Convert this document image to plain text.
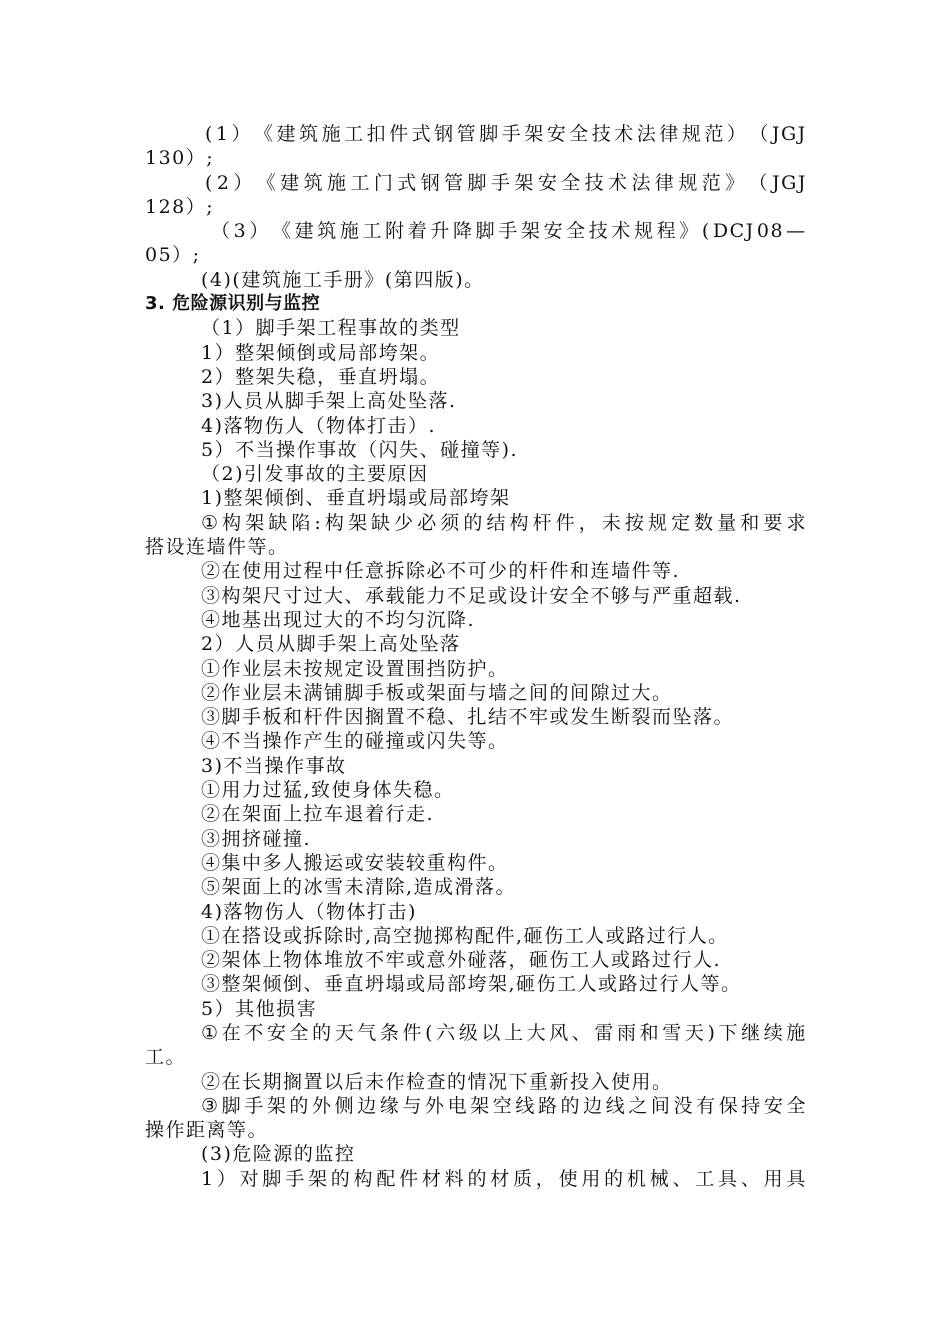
( 1 ） 《 建 筑 施 工 扣 件 式 钢 管 脚 手 架 安 全 技 术 法 律 规 范 ） （ JGJ
130）;
( 2 ） 《 建 筑 施 工 门 式 钢 管 脚 手 架 安 全 技 术 法 律 规 范 》 （ JGJ
128）;
（ 3 ） 《 建 筑 施 工 附 着 升 降 脚 手 架 安 全 技 术 规 程 》 ( DCJ 08 —
05）;
(4)(建筑施工手册》(第四版)。
3. 危险源识别与监控
（1）脚手架工程事故的类型
1）整架倾倒或局部垮架。
2）整架失稳，垂直坍塌。
3)人员从脚手架上高处坠落.
4)落物伤人（物体打击）.
5）不当操作事故（闪失、碰撞等).
（2)引发事故的主要原因
1)整架倾倒、垂直坍塌或局部垮架
① 构 架 缺 陷 : 构 架 缺 少 必 须 的 结 构 杆 件 ， 未 按 规 定 数 量 和 要 求
搭设连墙件等。
②在使用过程中任意拆除必不可少的杆件和连墙件等.
③构架尺寸过大、承载能力不足或设计安全不够与严重超载.
④地基出现过大的不均匀沉降.
2）人员从脚手架上高处坠落
①作业层未按规定设置围挡防护。
②作业层未满铺脚手板或架面与墙之间的间隙过大。
③脚手板和杆件因搁置不稳、扎结不牢或发生断裂而坠落。
④不当操作产生的碰撞或闪失等。
3)不当操作事故
①用力过猛,致使身体失稳。
②在架面上拉车退着行走.
③拥挤碰撞.
④集中多人搬运或安装较重构件。
⑤架面上的冰雪未清除,造成滑落。
4)落物伤人（物体打击)
①在搭设或拆除时,高空抛掷构配件,砸伤工人或路过行人。
②架体上物体堆放不牢或意外碰落，砸伤工人或路过行人.
③整架倾倒、垂直坍塌或局部垮架,砸伤工人或路过行人等。
5）其他损害
① 在 不 安 全 的 天 气 条 件 ( 六 级 以 上 大 风 、 雷 雨 和 雪 天 ) 下 继 续 施
工。
②在长期搁置以后未作检查的情况下重新投入使用。
③ 脚 手 架 的 外 侧 边 缘 与 外 电 架 空 线 路 的 边 线 之 间 没 有 保 持 安 全
操作距离等。
(3)危险源的监控
1 ） 对 脚 手 架 的 构 配 件 材 料 的 材 质 ， 使 用 的 机 械 、 工 具 、 用 具
